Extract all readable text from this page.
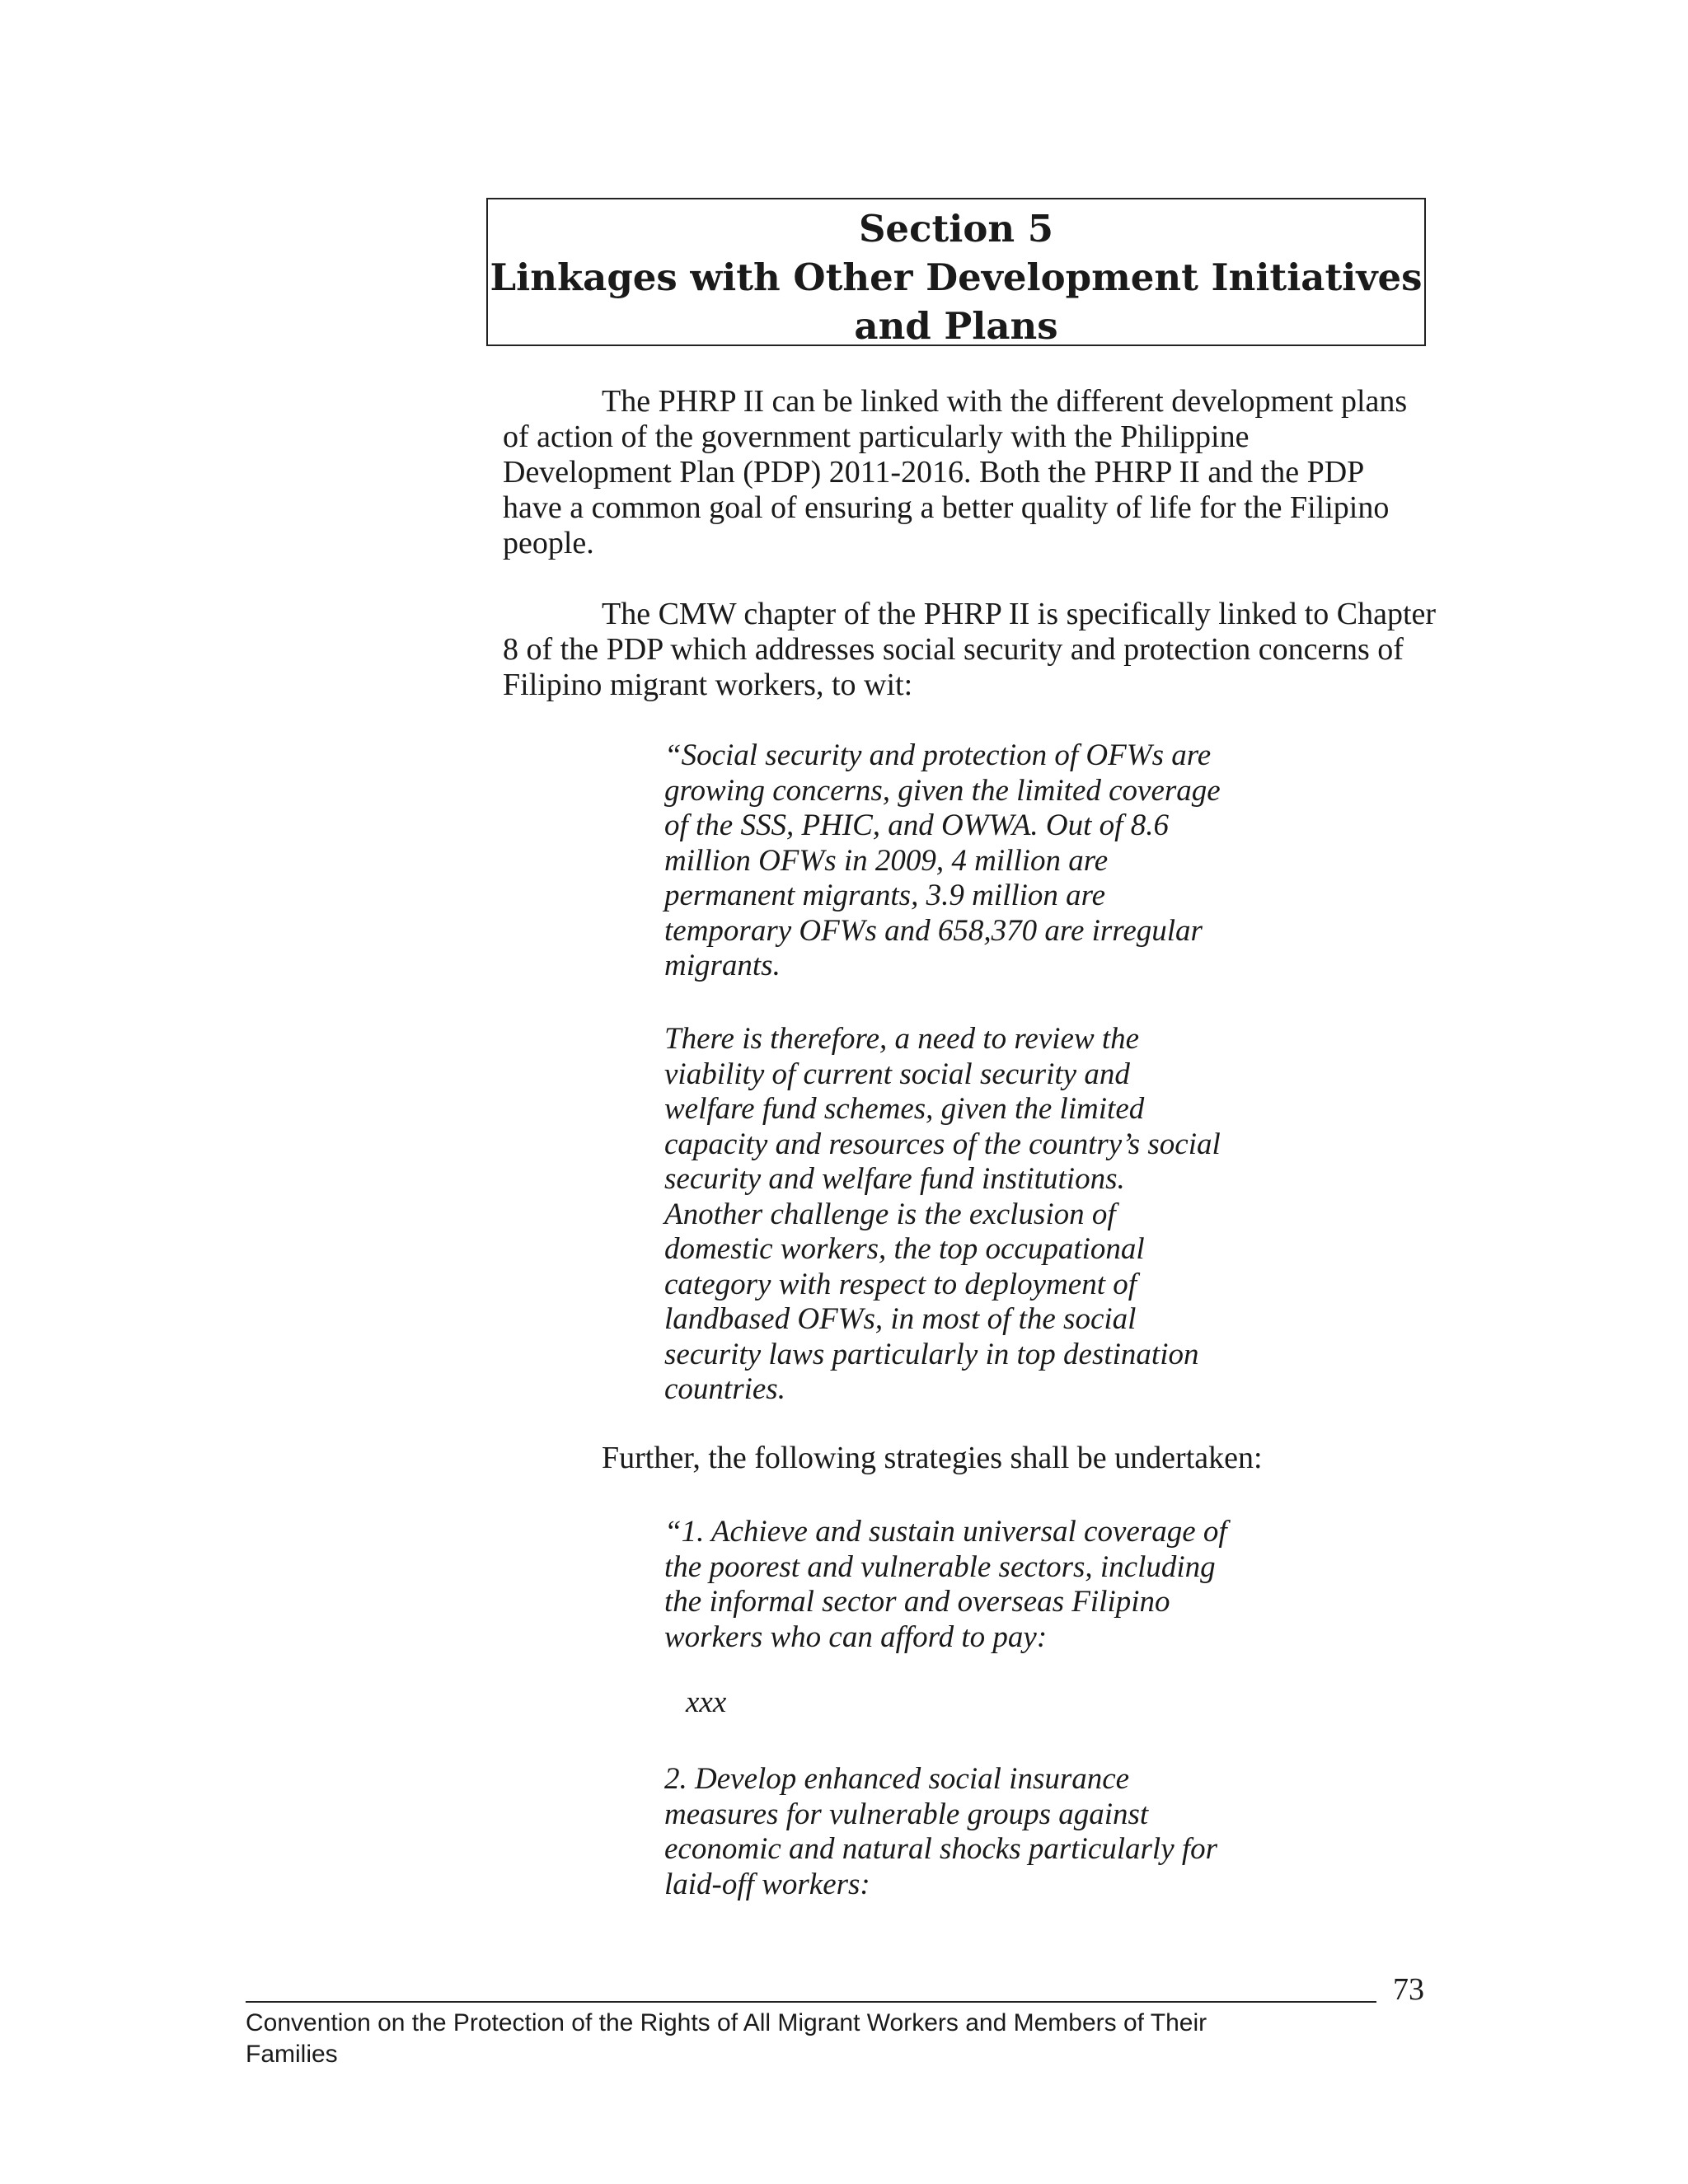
Section 5
Linkages with Other Development Initiatives
and Plans
The PHRP II can be linked with the different development plans
of action of the government particularly with the Philippine
Development Plan (PDP) 2011-2016. Both the PHRP II and the PDP
have a common goal of ensuring a better quality of life for the Filipino
people.
The CMW chapter of the PHRP II is specifically linked to Chapter
8 of the PDP which addresses social security and protection concerns of
Filipino migrant workers, to wit:
“Social security and protection of OFWs are
growing concerns, given the limited coverage
of the SSS, PHIC, and OWWA. Out of 8.6
million OFWs in 2009, 4 million are
permanent migrants, 3.9 million are
temporary OFWs and 658,370 are irregular
migrants.
There is therefore, a need to review the
viability of current social security and
welfare fund schemes, given the limited
capacity and resources of the country’s social
security and welfare fund institutions.
Another challenge is the exclusion of
domestic workers, the top occupational
category with respect to deployment of
landbased OFWs, in most of the social
security laws particularly in top destination
countries.
Further, the following strategies shall be undertaken:
“1. Achieve and sustain universal coverage of
the poorest and vulnerable sectors, including
the informal sector and overseas Filipino
workers who can afford to pay:
xxx
2. Develop enhanced social insurance
measures for vulnerable groups against
economic and natural shocks particularly for
laid-off workers:
73
Convention on the Protection of the Rights of All Migrant Workers and Members of Their
Families
